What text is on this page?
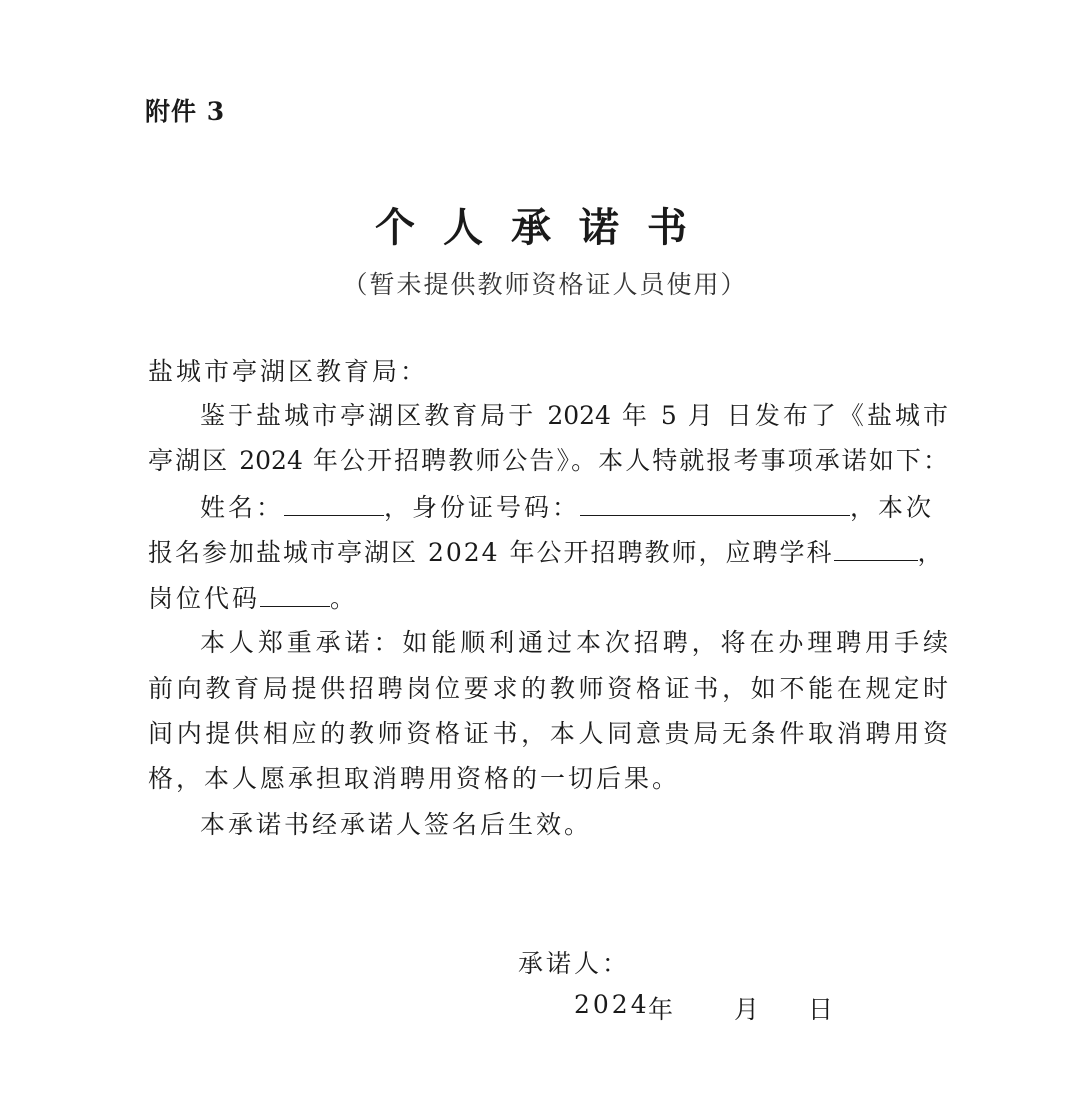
附件 3
个人承诺书
（暂未提供教师资格证人员使用）
盐城市亭湖区教育局：
鉴于盐城市亭湖区教育局于 2024 年 5 月 日发布了《盐城市
亭湖区 2024 年公开招聘教师公告》。本人特就报考事项承诺如下：
姓名：	，身份证号码：	，本次
报名参加盐城市亭湖区 2024 年公开招聘教师，应聘学科	，
岗位代码	。
本人郑重承诺：如能顺利通过本次招聘，将在办理聘用手续
前向教育局提供招聘岗位要求的教师资格证书，如不能在规定时
间内提供相应的教师资格证书，本人同意贵局无条件取消聘用资
格，本人愿承担取消聘用资格的一切后果。
本承诺书经承诺人签名后生效。
承诺人：
2024
年 月 日
